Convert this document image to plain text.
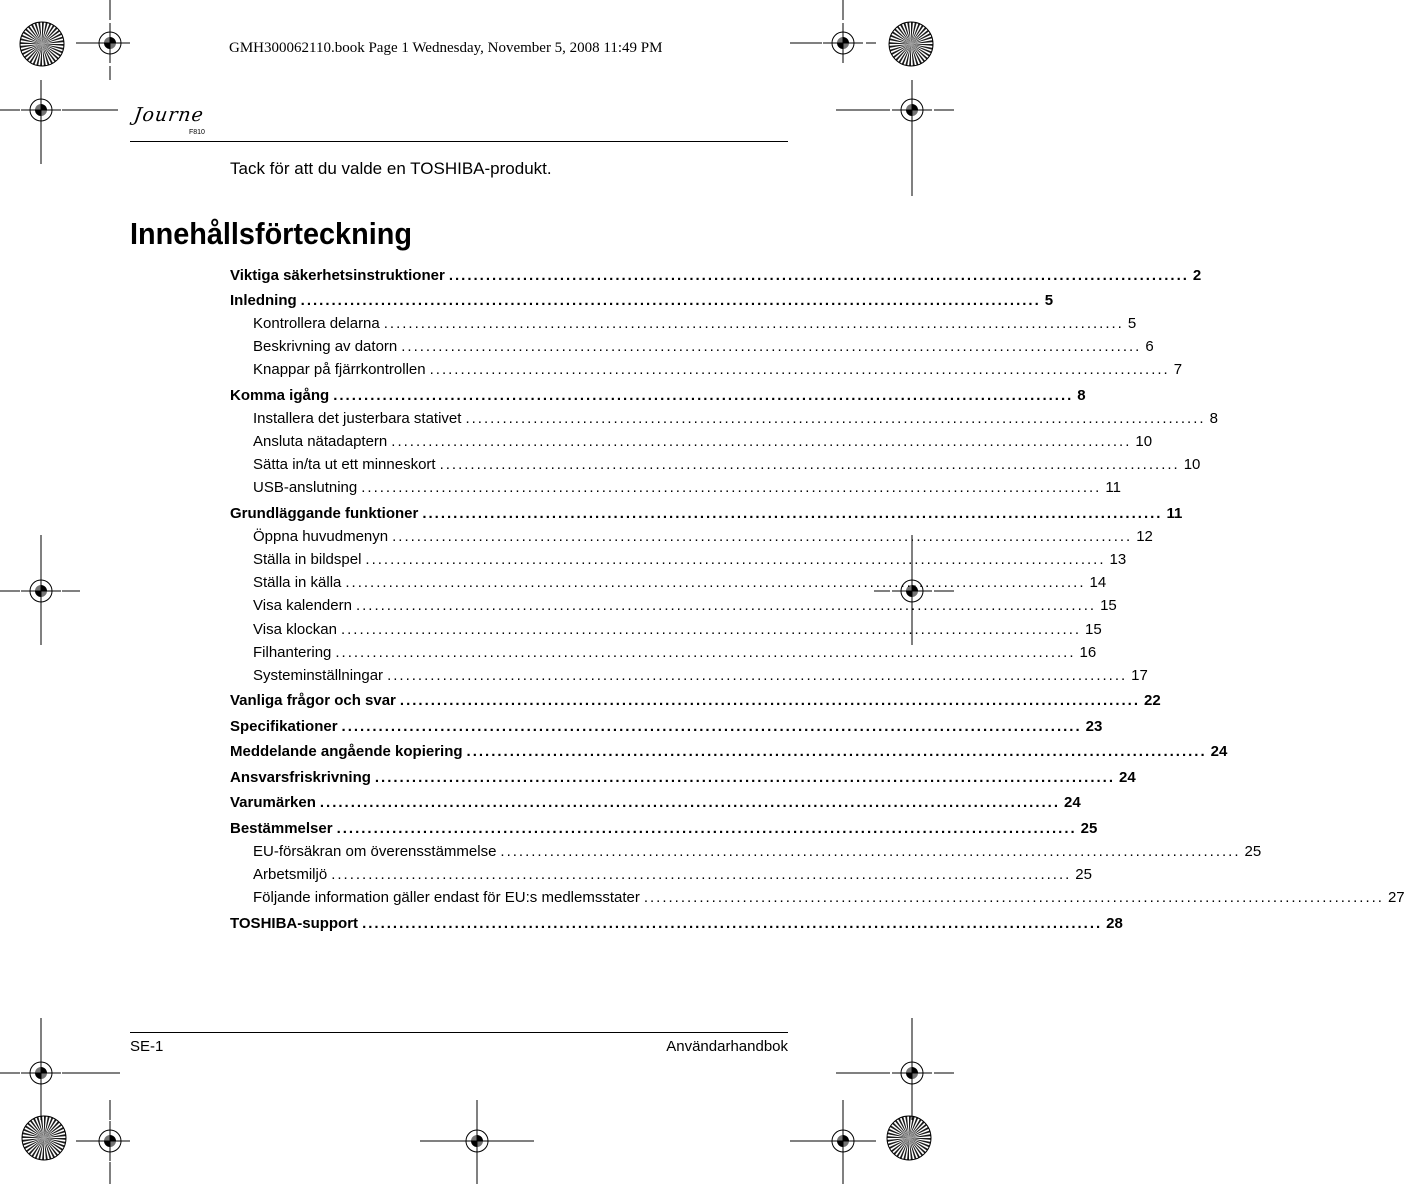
GMH300062110.book Page 1 Wednesday, November 5, 2008 11:49 PM
Journe
F810
Tack för att du valde en TOSHIBA-produkt.
Innehållsförteckning
Viktiga säkerhetsinstruktioner ........................................................................................................................ 2
Inledning ........................................................................................................................ 5
Kontrollera delarna ........................................................................................................................ 5
Beskrivning av datorn ........................................................................................................................ 6
Knappar på fjärrkontrollen ........................................................................................................................ 7
Komma igång ........................................................................................................................ 8
Installera det justerbara stativet ........................................................................................................................ 8
Ansluta nätadaptern ........................................................................................................................ 10
Sätta in/ta ut ett minneskort ........................................................................................................................ 10
USB-anslutning ........................................................................................................................ 11
Grundläggande funktioner ........................................................................................................................ 11
Öppna huvudmenyn ........................................................................................................................ 12
Ställa in bildspel ........................................................................................................................ 13
Ställa in källa ........................................................................................................................ 14
Visa kalendern ........................................................................................................................ 15
Visa klockan ........................................................................................................................ 15
Filhantering ........................................................................................................................ 16
Systeminställningar ........................................................................................................................ 17
Vanliga frågor och svar ........................................................................................................................ 22
Specifikationer ........................................................................................................................ 23
Meddelande angående kopiering ........................................................................................................................ 24
Ansvarsfriskrivning ........................................................................................................................ 24
Varumärken ........................................................................................................................ 24
Bestämmelser ........................................................................................................................ 25
EU-försäkran om överensstämmelse ........................................................................................................................ 25
Arbetsmiljö ........................................................................................................................ 25
Följande information gäller endast för EU:s medlemsstater ........................................................................................................................ 27
TOSHIBA-support ........................................................................................................................ 28
SE-1	Användarhandbok
